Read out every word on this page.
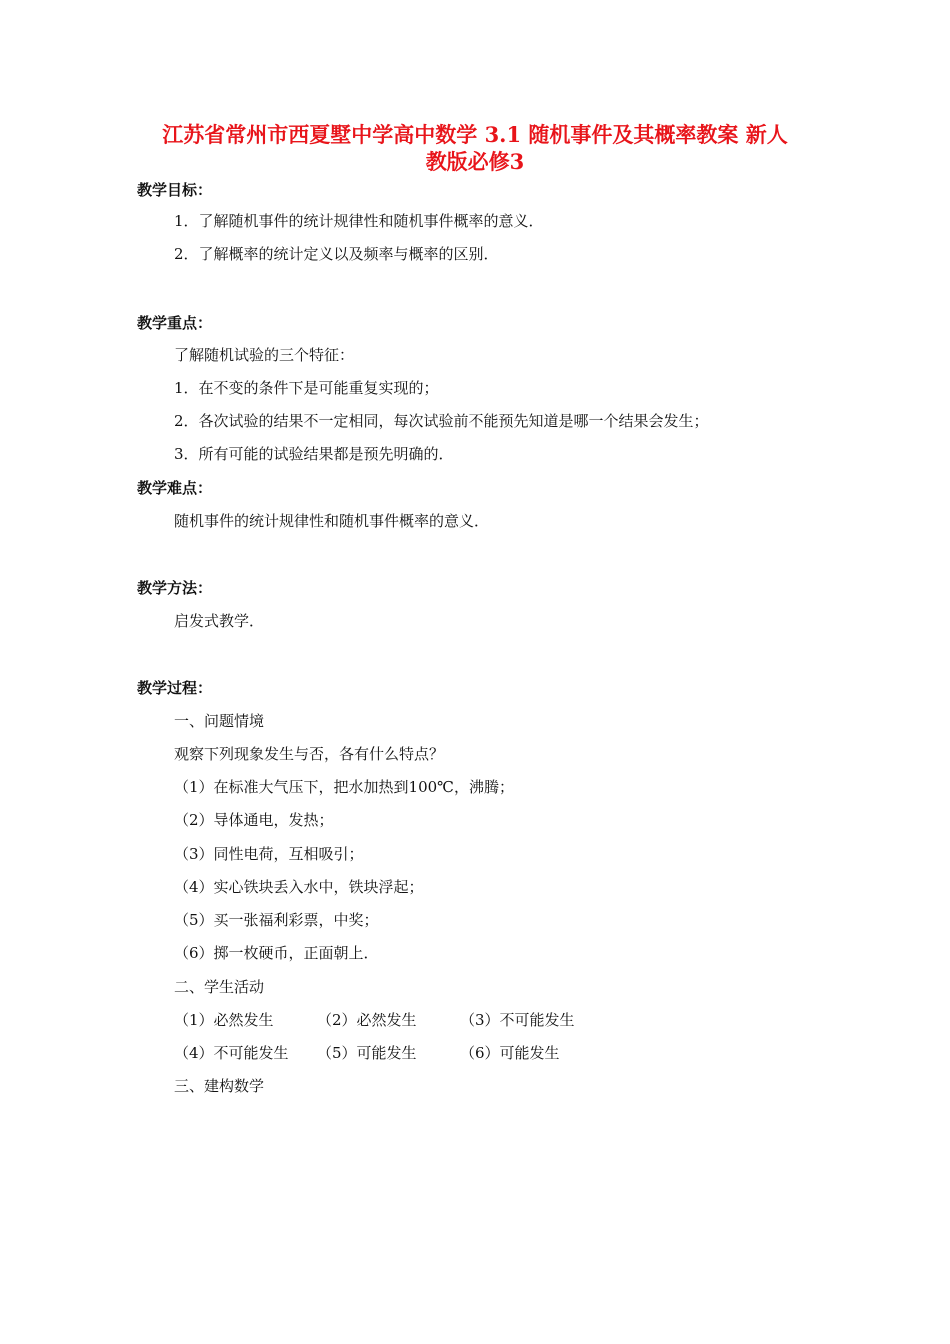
江苏省常州市西夏墅中学高中数学 3.1 随机事件及其概率教案 新人
教版必修3
教学目标：
1．了解随机事件的统计规律性和随机事件概率的意义．
2．了解概率的统计定义以及频率与概率的区别．
教学重点：
了解随机试验的三个特征：
1．在不变的条件下是可能重复实现的；
2．各次试验的结果不一定相同，每次试验前不能预先知道是哪一个结果会发生；
3．所有可能的试验结果都是预先明确的．
教学难点：
随机事件的统计规律性和随机事件概率的意义．
教学方法：
启发式教学．
教学过程：
一、问题情境
观察下列现象发生与否，各有什么特点？
（1）在标准大气压下，把水加热到100℃，沸腾；
（2）导体通电，发热；
（3）同性电荷，互相吸引；
（4）实心铁块丢入水中，铁块浮起；
（5）买一张福利彩票，中奖；
（6）掷一枚硬币，正面朝上．
二、学生活动
（1）必然发生	（2）必然发生	（3）不可能发生
（4）不可能发生 （5）可能发生	（6）可能发生
三、建构数学
